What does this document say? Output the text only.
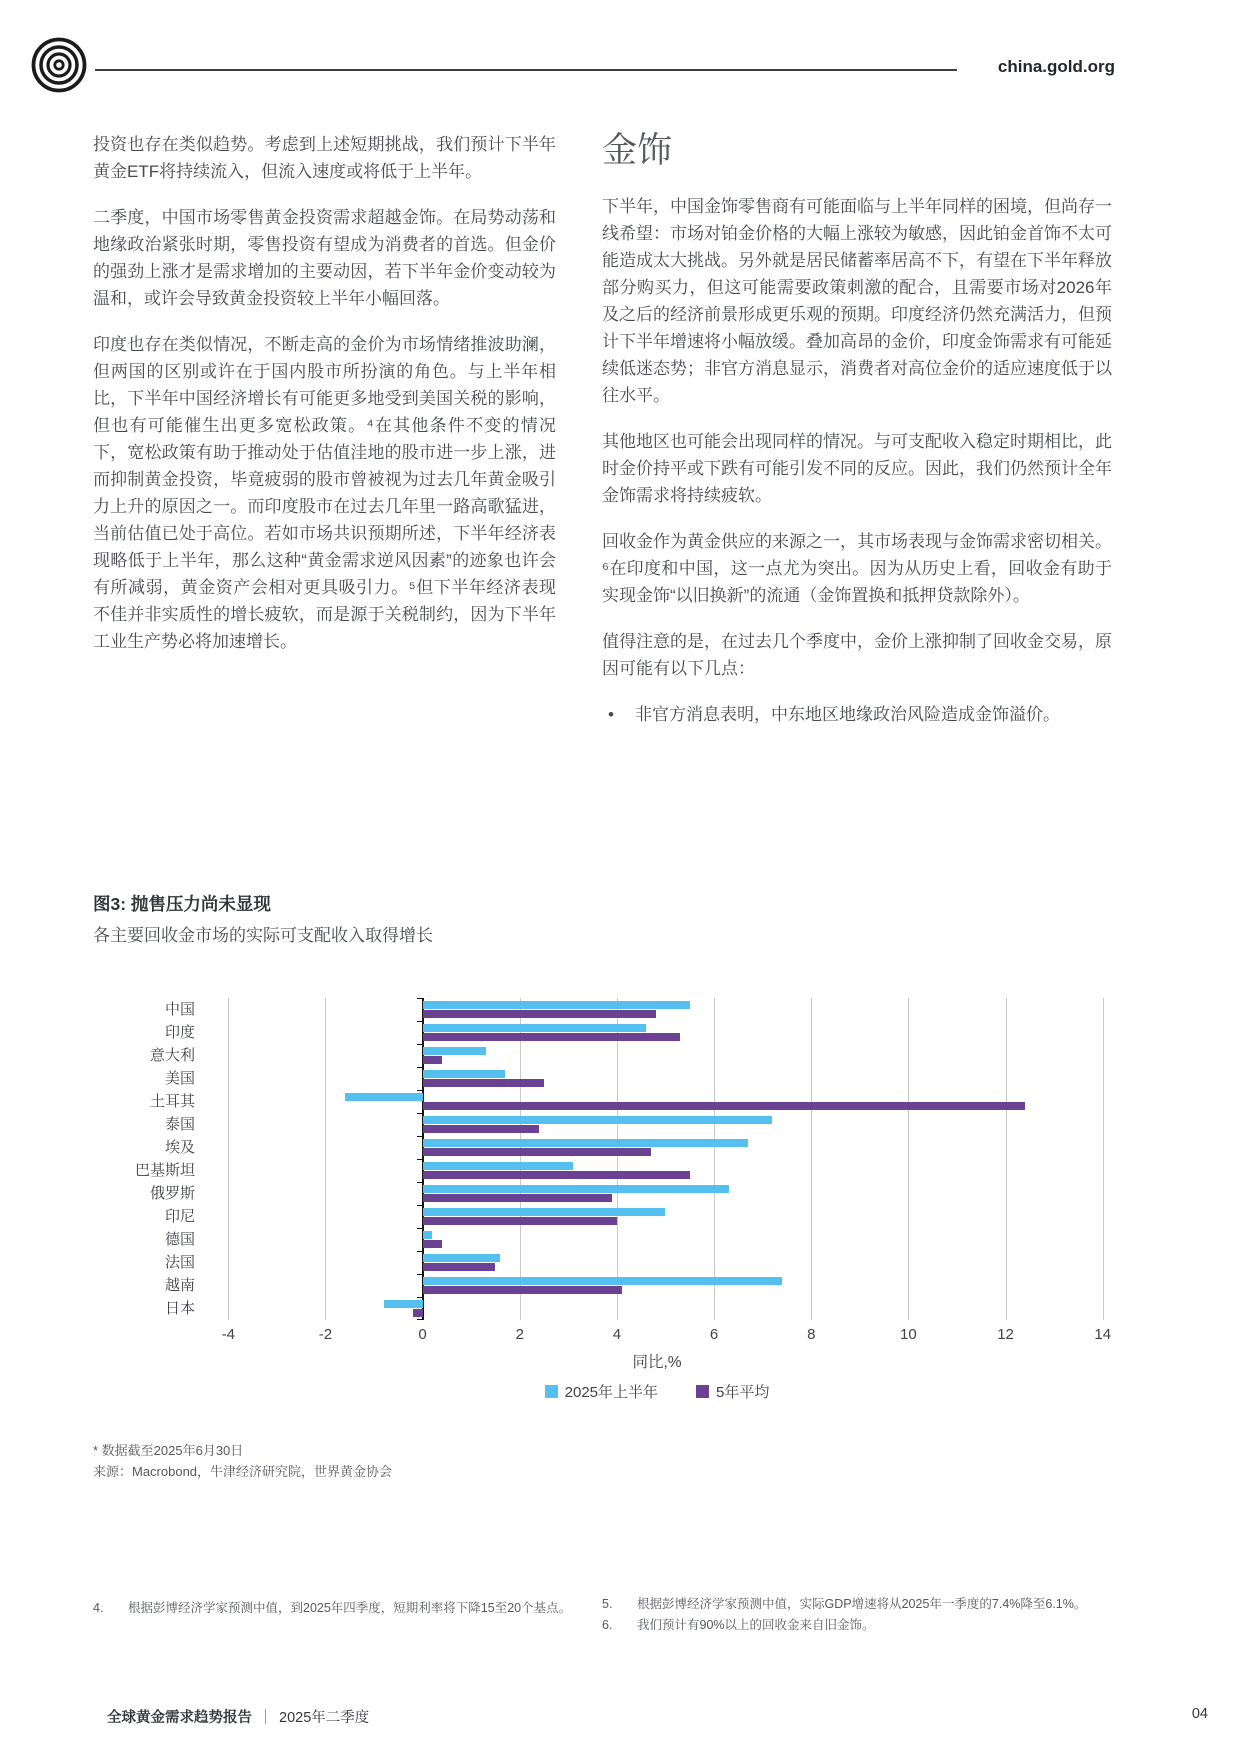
china.gold.org

投资也存在类似趋势。考虑到上述短期挑战，我们预计下半年黄金ETF将持续流入，但流入速度或将低于上半年。

二季度，中国市场零售黄金投资需求超越金饰。在局势动荡和地缘政治紧张时期，零售投资有望成为消费者的首选。但金价的强劲上涨才是需求增加的主要动因，若下半年金价变动较为温和，或许会导致黄金投资较上半年小幅回落。

印度也存在类似情况，不断走高的金价为市场情绪推波助澜，但两国的区别或许在于国内股市所扮演的角色。与上半年相比，下半年中国经济增长有可能更多地受到美国关税的影响，但也有可能催生出更多宽松政策。⁴在其他条件不变的情况下，宽松政策有助于推动处于估值洼地的股市进一步上涨，进而抑制黄金投资，毕竟疲弱的股市曾被视为过去几年黄金吸引力上升的原因之一。而印度股市在过去几年里一路高歌猛进，当前估值已处于高位。若如市场共识预期所述，下半年经济表现略低于上半年，那么这种“黄金需求逆风因素”的迹象也许会有所减弱，黄金资产会相对更具吸引力。⁵但下半年经济表现不佳并非实质性的增长疲软，而是源于关税制约，因为下半年工业生产势必将加速增长。

金饰

下半年，中国金饰零售商有可能面临与上半年同样的困境，但尚存一线希望：市场对铂金价格的大幅上涨较为敏感，因此铂金首饰不太可能造成太大挑战。另外就是居民储蓄率居高不下，有望在下半年释放部分购买力，但这可能需要政策刺激的配合，且需要市场对2026年及之后的经济前景形成更乐观的预期。印度经济仍然充满活力，但预计下半年增速将小幅放缓。叠加高昂的金价，印度金饰需求有可能延续低迷态势；非官方消息显示，消费者对高位金价的适应速度低于以往水平。

其他地区也可能会出现同样的情况。与可支配收入稳定时期相比，此时金价持平或下跌有可能引发不同的反应。因此，我们仍然预计全年金饰需求将持续疲软。

回收金作为黄金供应的来源之一，其市场表现与金饰需求密切相关。⁶在印度和中国，这一点尤为突出。因为从历史上看，回收金有助于实现金饰“以旧换新”的流通（金饰置换和抵押贷款除外）。

值得注意的是，在过去几个季度中，金价上涨抑制了回收金交易，原因可能有以下几点：

•	非官方消息表明，中东地区地缘政治风险造成金饰溢价。
图3: 抛售压力尚未显现
各主要回收金市场的实际可支配收入取得增长
中国
印度
意大利
美国
土耳其
泰国
埃及
巴基斯坦
俄罗斯
印尼
德国
法国
越南
日本
-4	-2	0	2	4	6	8	10	12	14
同比,%
2025年上半年	5年平均
* 数据截至2025年6月30日
来源：Macrobond，牛津经济研究院，世界黄金协会
4.	根据彭博经济学家预测中值，到2025年四季度，短期利率将下降15至20个基点。 5.	根据彭博经济学家预测中值，实际GDP增速将从2025年一季度的7.4%降至6.1%。
6.	我们预计有90%以上的回收金来自旧金饰。
全球黄金需求趋势报告 2025年二季度	04
